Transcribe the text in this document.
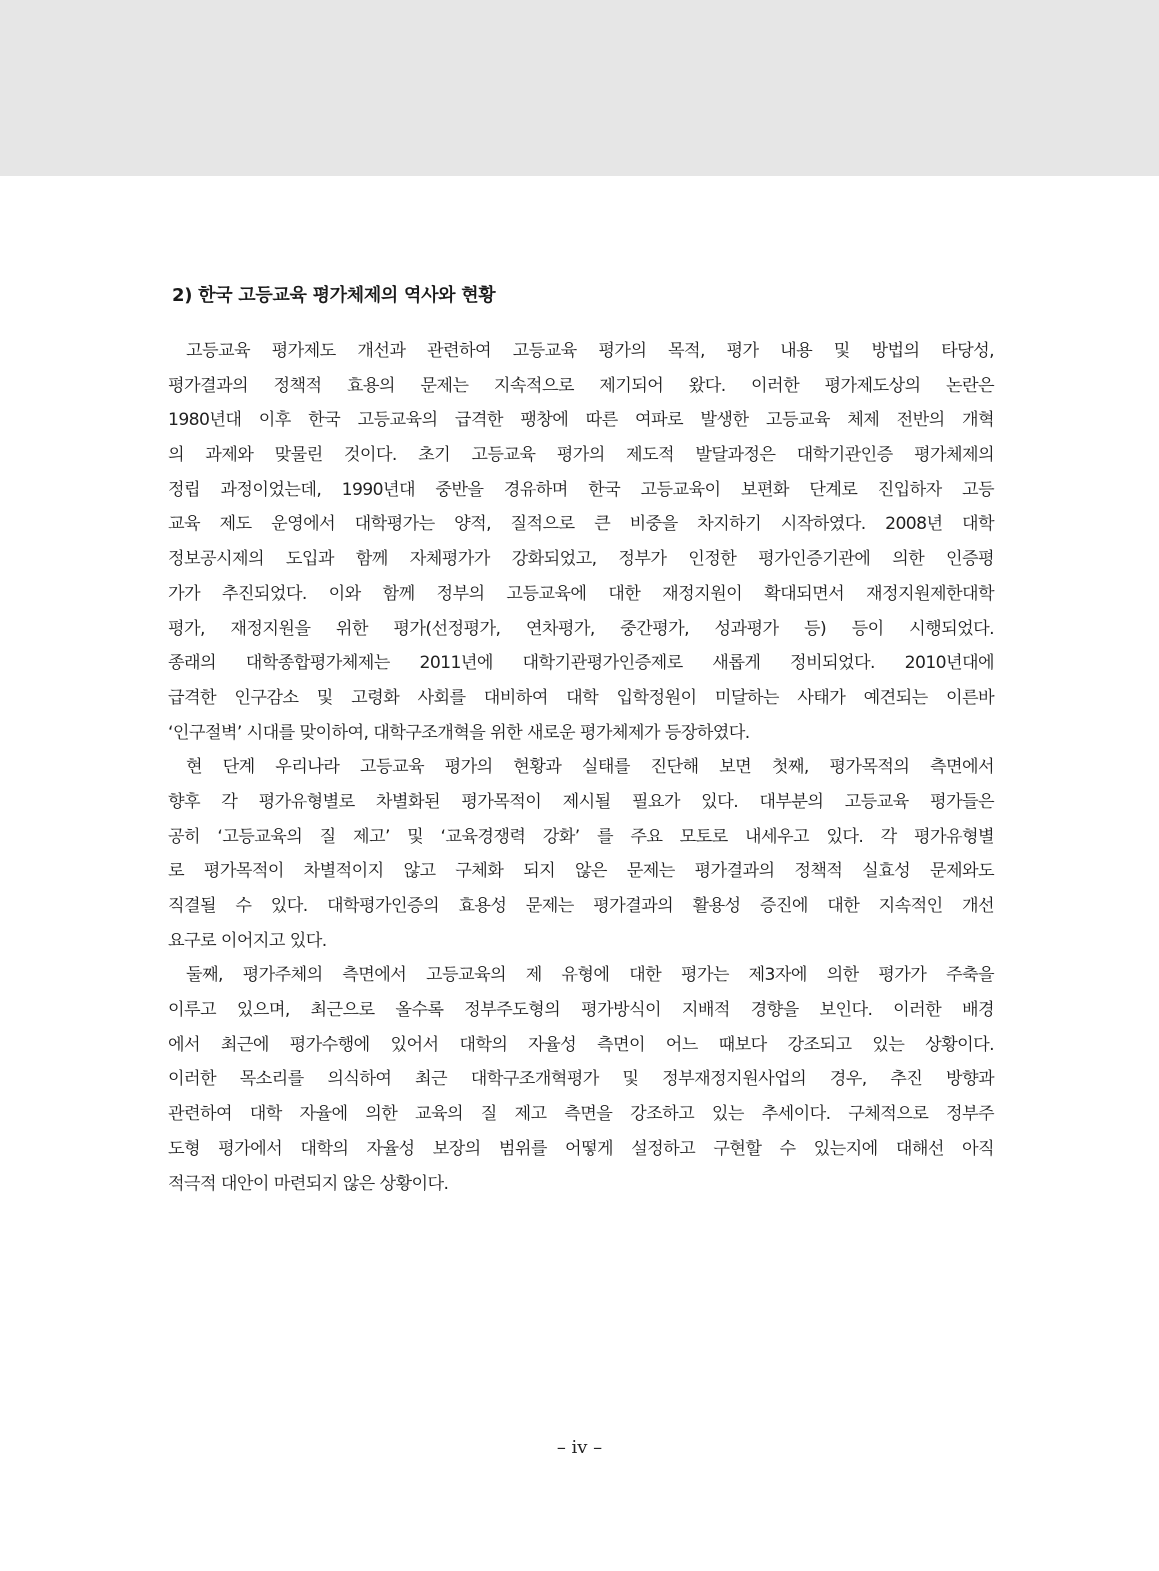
2) 한국 고등교육 평가체제의 역사와 현황
고등교육 평가제도 개선과 관련하여 고등교육 평가의 목적, 평가 내용 및 방법의 타당성,
평가결과의 정책적 효용의 문제는 지속적으로 제기되어 왔다. 이러한 평가제도상의 논란은
1980년대 이후 한국 고등교육의 급격한 팽창에 따른 여파로 발생한 고등교육 체제 전반의 개혁
의 과제와 맞물린 것이다. 초기 고등교육 평가의 제도적 발달과정은 대학기관인증 평가체제의
정립 과정이었는데, 1990년대 중반을 경유하며 한국 고등교육이 보편화 단계로 진입하자 고등
교육 제도 운영에서 대학평가는 양적, 질적으로 큰 비중을 차지하기 시작하였다. 2008년 대학
정보공시제의 도입과 함께 자체평가가 강화되었고, 정부가 인정한 평가인증기관에 의한 인증평
가가 추진되었다. 이와 함께 정부의 고등교육에 대한 재정지원이 확대되면서 재정지원제한대학
평가, 재정지원을 위한 평가(선정평가, 연차평가, 중간평가, 성과평가 등) 등이 시행되었다.
종래의 대학종합평가체제는 2011년에 대학기관평가인증제로 새롭게 정비되었다. 2010년대에
급격한 인구감소 및 고령화 사회를 대비하여 대학 입학정원이 미달하는 사태가 예견되는 이른바
‘인구절벽’ 시대를 맞이하여, 대학구조개혁을 위한 새로운 평가체제가 등장하였다.
현 단계 우리나라 고등교육 평가의 현황과 실태를 진단해 보면 첫째, 평가목적의 측면에서
향후 각 평가유형별로 차별화된 평가목적이 제시될 필요가 있다. 대부분의 고등교육 평가들은
공히 ‘고등교육의 질 제고’ 및 ‘교육경쟁력 강화’ 를 주요 모토로 내세우고 있다. 각 평가유형별
로 평가목적이 차별적이지 않고 구체화 되지 않은 문제는 평가결과의 정책적 실효성 문제와도
직결될 수 있다. 대학평가인증의 효용성 문제는 평가결과의 활용성 증진에 대한 지속적인 개선
요구로 이어지고 있다.
둘째, 평가주체의 측면에서 고등교육의 제 유형에 대한 평가는 제3자에 의한 평가가 주축을
이루고 있으며, 최근으로 올수록 정부주도형의 평가방식이 지배적 경향을 보인다. 이러한 배경
에서 최근에 평가수행에 있어서 대학의 자율성 측면이 어느 때보다 강조되고 있는 상황이다.
이러한 목소리를 의식하여 최근 대학구조개혁평가 및 정부재정지원사업의 경우, 추진 방향과
관련하여 대학 자율에 의한 교육의 질 제고 측면을 강조하고 있는 추세이다. 구체적으로 정부주
도형 평가에서 대학의 자율성 보장의 범위를 어떻게 설정하고 구현할 수 있는지에 대해선 아직
적극적 대안이 마련되지 않은 상황이다.
– iv –
